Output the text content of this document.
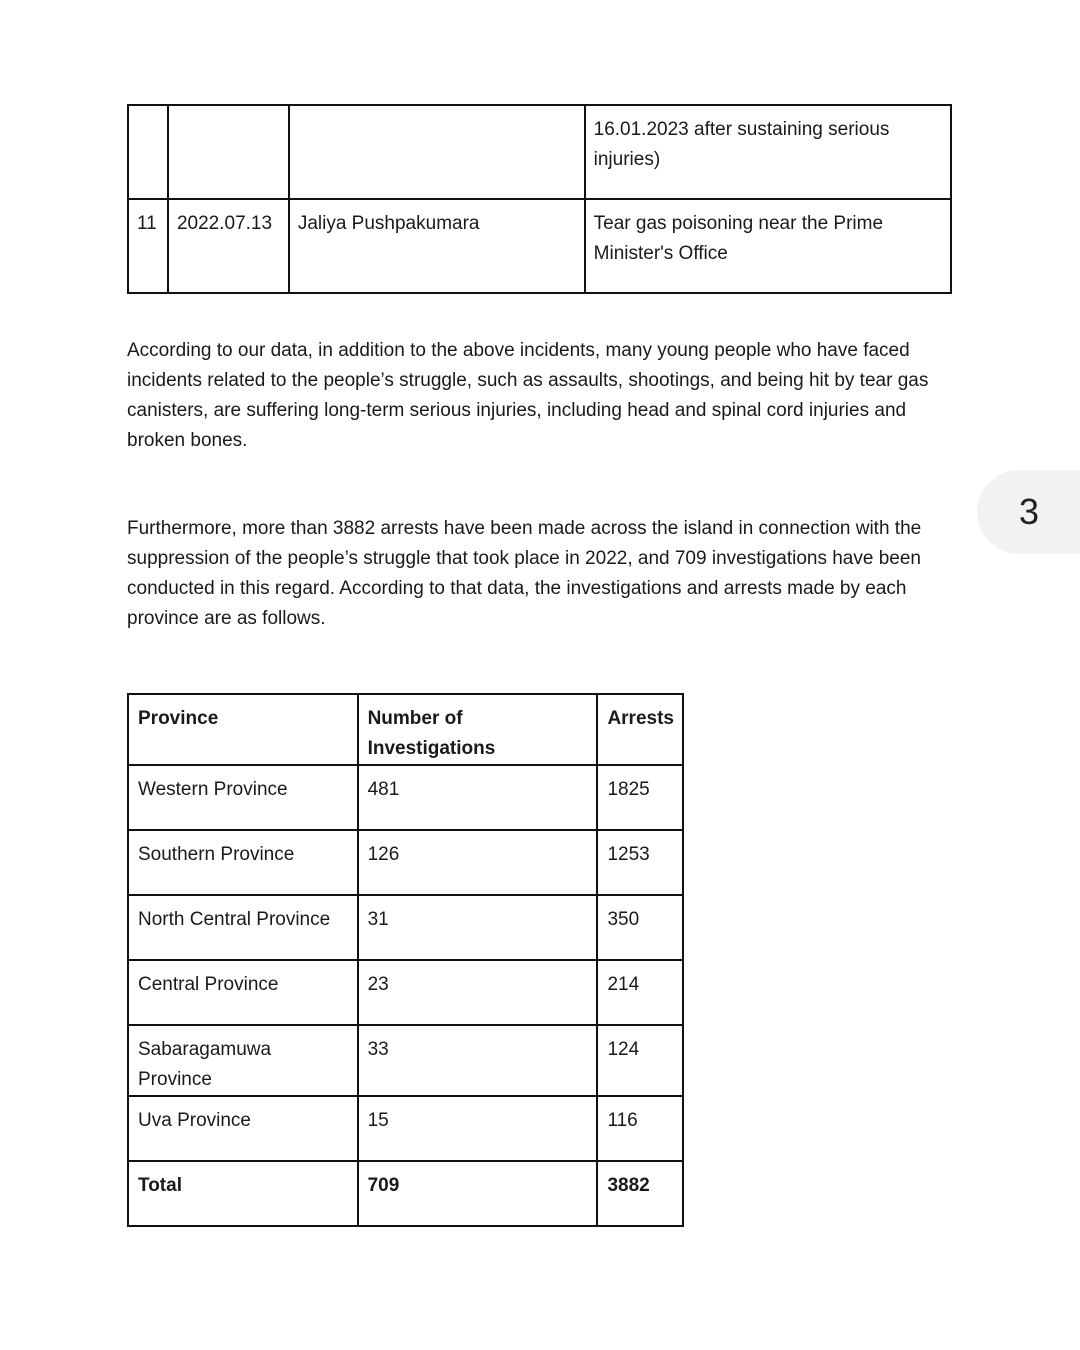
			16.01.2023 after sustaining serious injuries)
11	2022.07.13	Jaliya Pushpakumara	Tear gas poisoning near the Prime Minister's Office

According to our data, in addition to the above incidents, many young people who have faced incidents related to the people’s struggle, such as assaults, shootings, and being hit by tear gas canisters, are suffering long-term serious injuries, including head and spinal cord injuries and broken bones.

Furthermore, more than 3882 arrests have been made across the island in connection with the suppression of the people’s struggle that took place in 2022, and 709 investigations have been conducted in this regard. According to that data, the investigations and arrests made by each province are as follows.

Province	Number of Investigations	Arrests
Western Province	481	1825
Southern Province	126	1253
North Central Province	31	350
Central Province	23	214
Sabaragamuwa Province	33	124
Uva Province	15	116
Total	709	3882
3
